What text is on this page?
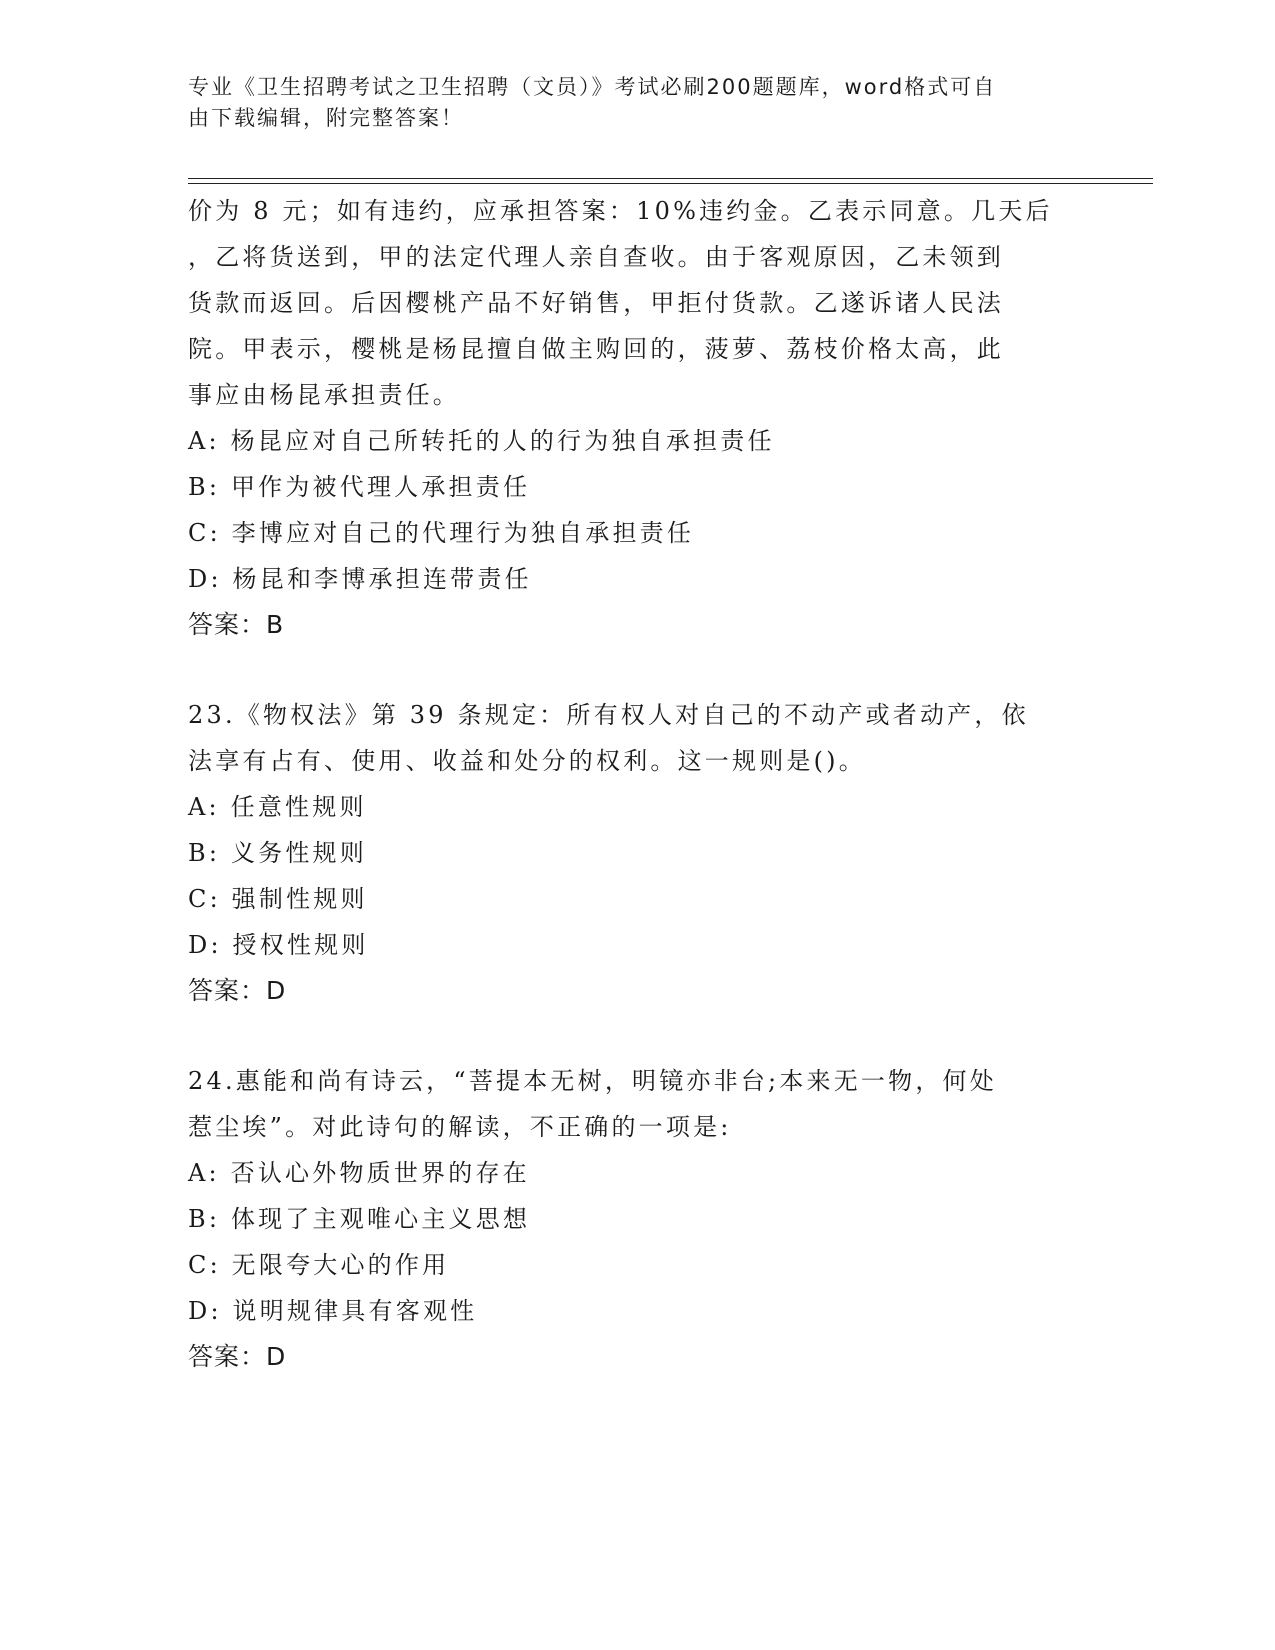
专业《卫生招聘考试之卫生招聘（文员）》考试必刷200题题库，word格式可自
由下载编辑，附完整答案！
价为 8 元；如有违约，应承担答案：10%违约金。乙表示同意。几天后
，乙将货送到，甲的法定代理人亲自查收。由于客观原因，乙未领到
货款而返回。后因樱桃产品不好销售，甲拒付货款。乙遂诉诸人民法
院。甲表示，樱桃是杨昆擅自做主购回的，菠萝、荔枝价格太高，此
事应由杨昆承担责任。
A: 杨昆应对自己所转托的人的行为独自承担责任
B: 甲作为被代理人承担责任
C: 李博应对自己的代理行为独自承担责任
D: 杨昆和李博承担连带责任
答案：B
23.《物权法》第 39 条规定：所有权人对自己的不动产或者动产，依
法享有占有、使用、收益和处分的权利。这一规则是()。
A: 任意性规则
B: 义务性规则
C: 强制性规则
D: 授权性规则
答案：D
24.惠能和尚有诗云，“菩提本无树，明镜亦非台;本来无一物，何处
惹尘埃”。对此诗句的解读，不正确的一项是:
A: 否认心外物质世界的存在
B: 体现了主观唯心主义思想
C: 无限夸大心的作用
D: 说明规律具有客观性
答案：D
